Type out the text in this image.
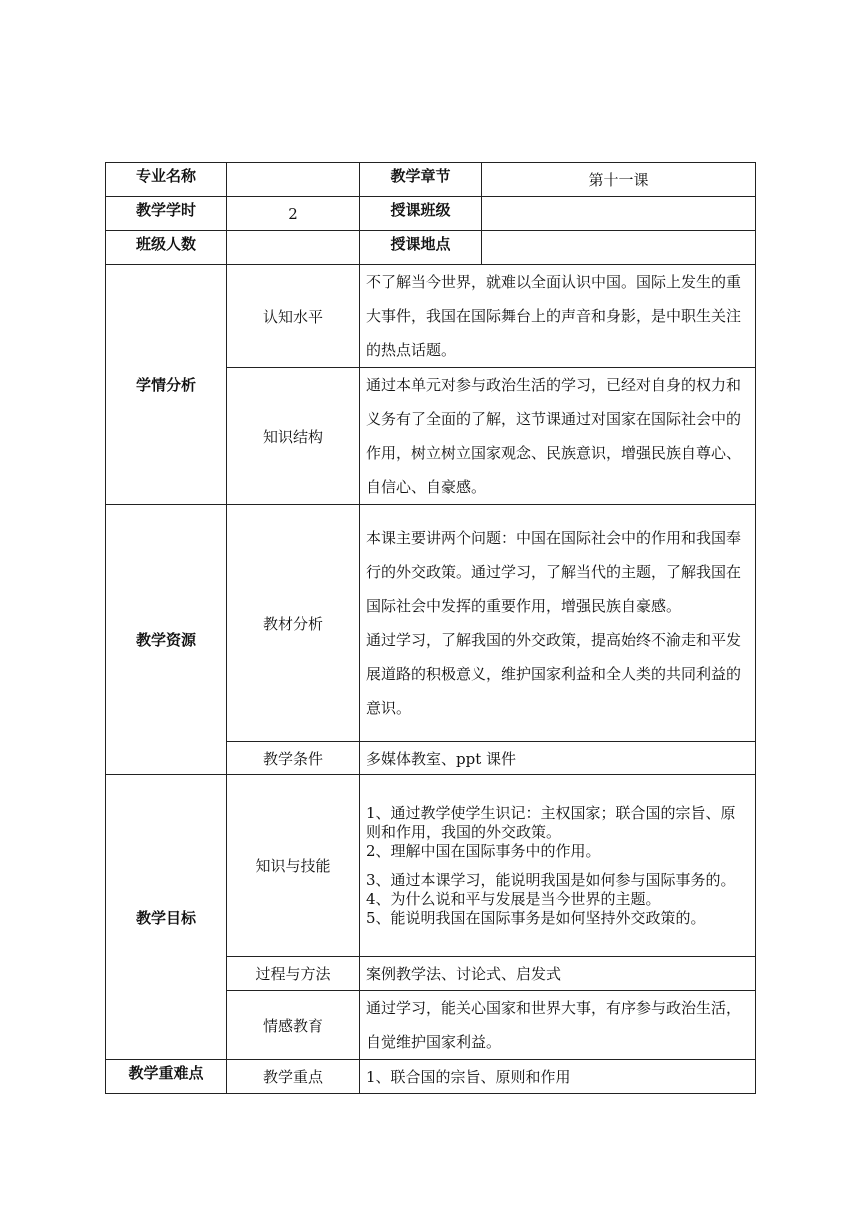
专业名称		教学章节	第十一课
教学学时	2	授课班级	
班级人数		授课地点	
学情分析	认知水平	不了解当今世界，就难以全面认识中国。国际上发生的重大事件，我国在国际舞台上的声音和身影，是中职生关注的热点话题。	
	知识结构	通过本单元对参与政治生活的学习，已经对自身的权力和义务有了全面的了解，这节课通过对国家在国际社会中的作用，树立树立国家观念、民族意识，增强民族自尊心、自信心、自豪感。	
教学资源	教材分析	本课主要讲两个问题：中国在国际社会中的作用和我国奉行的外交政策。通过学习，了解当代的主题，了解我国在国际社会中发挥的重要作用，增强民族自豪感。
通过学习，了解我国的外交政策，提高始终不渝走和平发展道路的积极意义，维护国家利益和全人类的共同利益的意识。	

	教学条件	多媒体教室、ppt 课件	
教学目标	知识与技能	1、通过教学使学生识记：主权国家；联合国的宗旨、原则和作用，我国的外交政策。

2、理解中国在国际事务中的作用。

3、通过本课学习，能说明我国是如何参与国际事务的。

4、为什么说和平与发展是当今世界的主题。

5、能说明我国在国际事务是如何坚持外交政策的。	

	过程与方法	案例教学法、讨论式、启发式	
	情感教育	通过学习，能关心国家和世界大事，有序参与政治生活，自觉维护国家利益。	
教学重难点	教学重点	1、联合国的宗旨、原则和作用	
